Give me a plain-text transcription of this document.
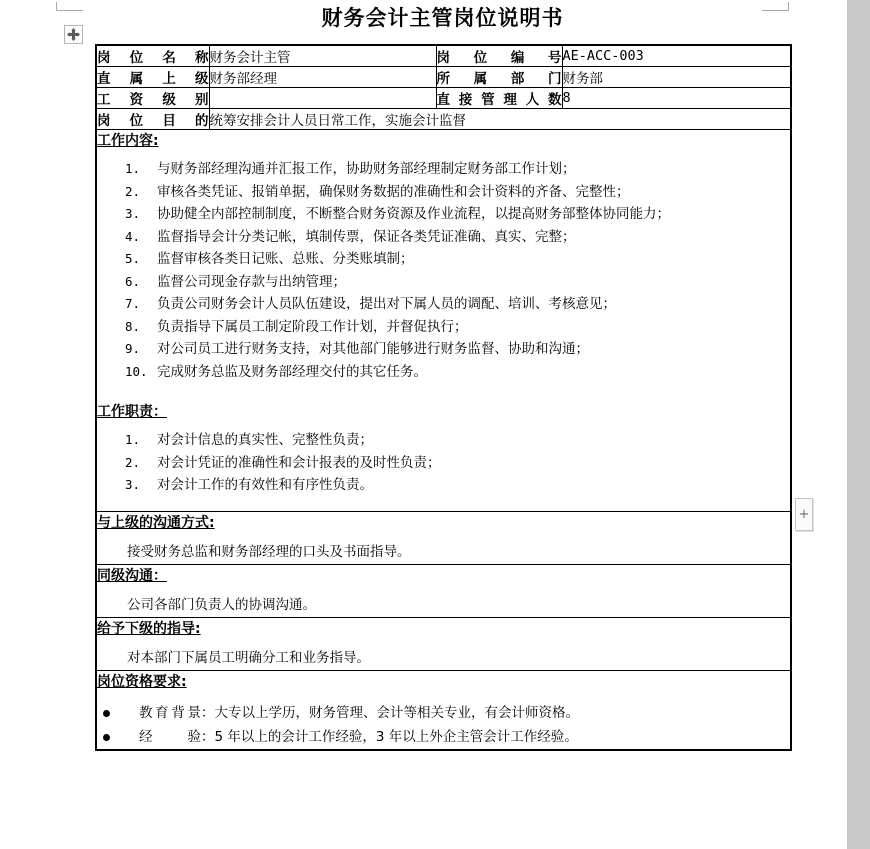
+
财务会计主管岗位说明书
岗位名称	财务会计主管	岗位编号	AE-ACC-003
直属上级	财务部经理	所属部门	财务部
工资级别		直接管理人数	8
岗位目的	统筹安排会计人员日常工作，实施会计监督		
工作内容:
1.	与财务部经理沟通并汇报工作，协助财务部经理制定财务部工作计划；
2.	审核各类凭证、报销单据，确保财务数据的准确性和会计资料的齐备、完整性；
3.	协助健全内部控制制度，不断整合财务资源及作业流程，以提高财务部整体协同能力；
4.	监督指导会计分类记帐，填制传票，保证各类凭证准确、真实、完整；
5.	监督审核各类日记账、总账、分类账填制；
6.	监督公司现金存款与出纳管理；
7.	负责公司财务会计人员队伍建设，提出对下属人员的调配、培训、考核意见；
8.	负责指导下属员工制定阶段工作计划，并督促执行；
9.	对公司员工进行财务支持，对其他部门能够进行财务监督、协助和沟通；
10. 完成财务总监及财务部经理交付的其它任务。
工作职责：
1.	对会计信息的真实性、完整性负责；
2.	对会计凭证的准确性和会计报表的及时性负责；
3.	对会计工作的有效性和有序性负责。

与上级的沟通方式:
接受财务总监和财务部经理的口头及书面指导。			

同级沟通：
公司各部门负责人的协调沟通。			

给予下级的指导:
对本部门下属员工明确分工和业务指导。			

岗位资格要求:
教育背景：大专以上学历，财务管理、会计等相关专业，有会计师资格。
经验：5 年以上的会计工作经验，3 年以上外企主管会计工作经验。
